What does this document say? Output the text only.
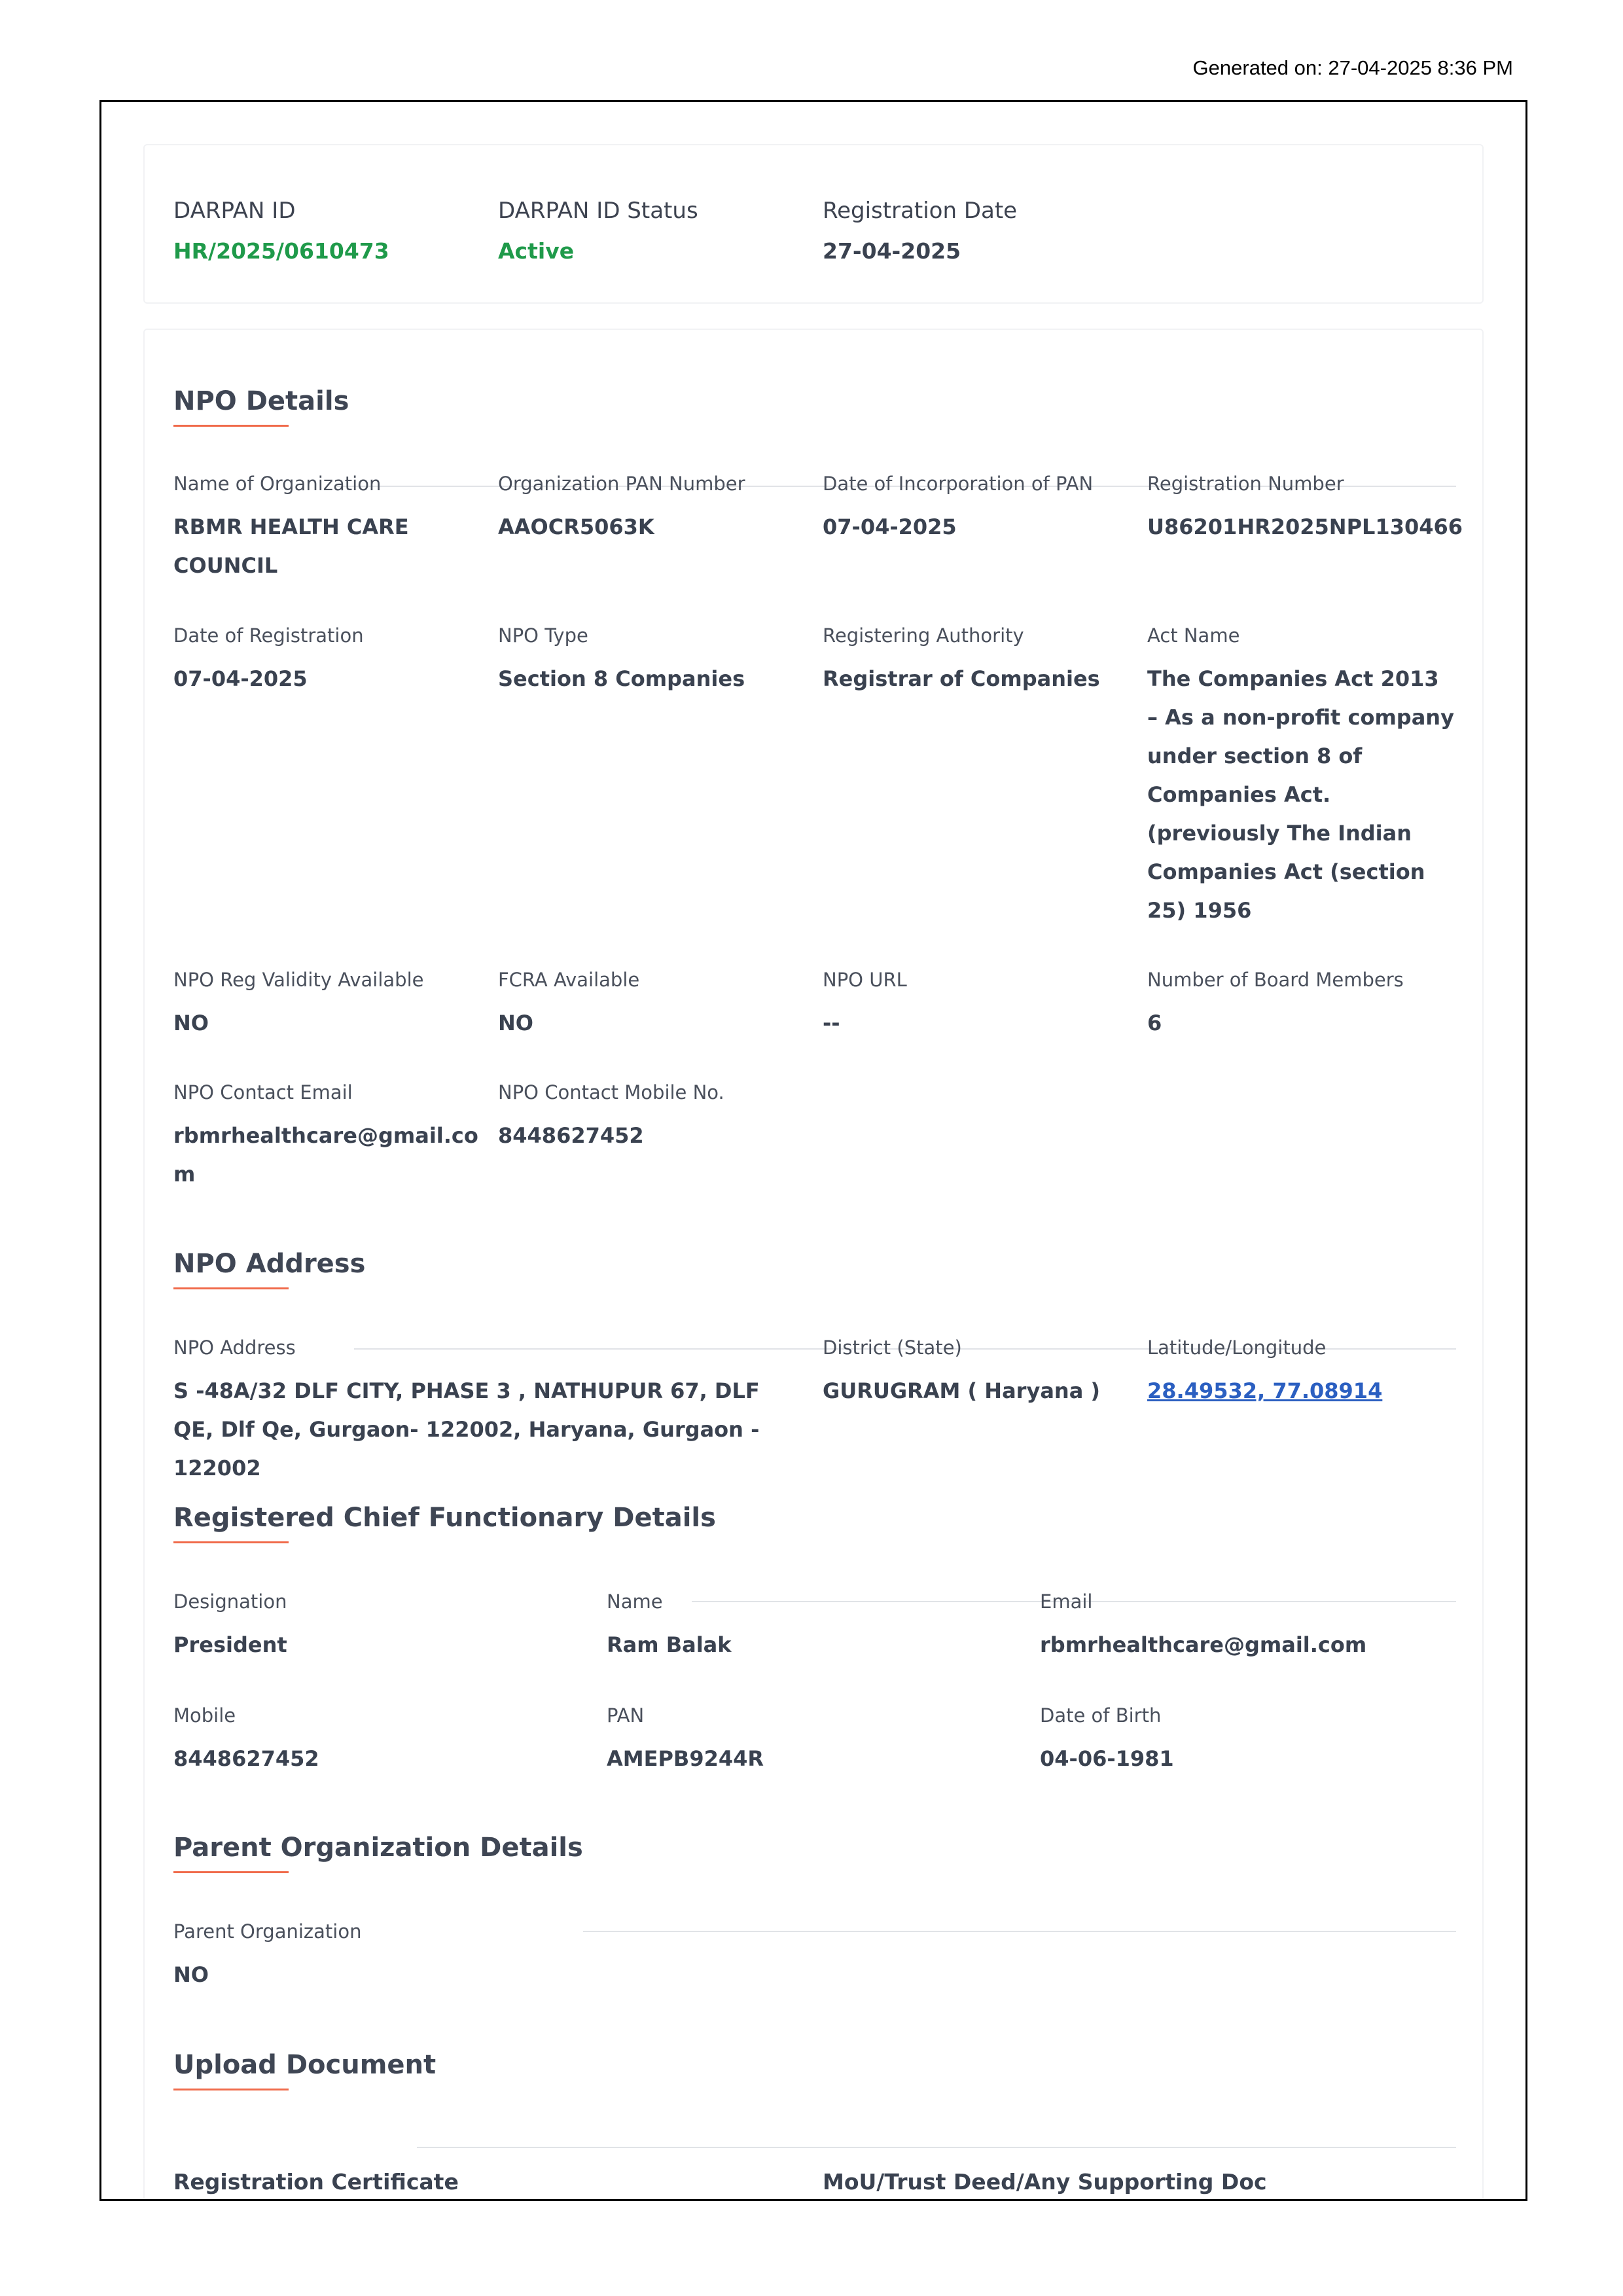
Generated on: 27-04-2025 8:36 PM
DARPAN ID
HR/2025/0610473
DARPAN ID Status
Active
Registration Date
27-04-2025
NPO Details
Name of Organization
RBMR HEALTH CARE COUNCIL
Organization PAN Number
AAOCR5063K
Date of Incorporation of PAN
07-04-2025
Registration Number
U86201HR2025NPL130466
Date of Registration
07-04-2025
NPO Type
Section 8 Companies
Registering Authority
Registrar of Companies
Act Name
The Companies Act 2013 – As a non-profit company under section 8 of Companies Act. (previously The Indian Companies Act (section 25) 1956
NPO Reg Validity Available
NO
FCRA Available
NO
NPO URL
--
Number of Board Members
6
NPO Contact Email
rbmrhealthcare@gmail.com
NPO Contact Mobile No.
8448627452
NPO Address
NPO Address
S -48A/32 DLF CITY, PHASE 3 , NATHUPUR 67, DLF QE, Dlf Qe, Gurgaon- 122002, Haryana, Gurgaon - 122002
District (State)
GURUGRAM ( Haryana )
Latitude/Longitude
28.49532, 77.08914
Registered Chief Functionary Details
Designation
President
Name
Ram Balak
Email
rbmrhealthcare@gmail.com
Mobile
8448627452
PAN
AMEPB9244R
Date of Birth
04-06-1981
Parent Organization Details
Parent Organization
NO
Upload Document
Registration Certificate	MoU/Trust Deed/Any Supporting Doc
